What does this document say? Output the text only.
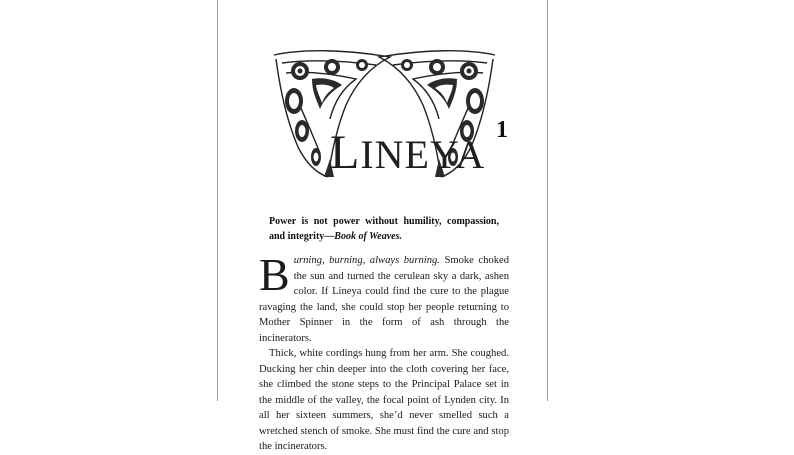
LINEYA
1
Power is not power without humility, compassion, and integrity—Book of Weaves.

Burning, burning, always burning. Smoke choked the sun and turned the cerulean sky a dark, ashen color. If Lineya could find the cure to the plague ravaging the land, she could stop her people returning to Mother Spinner in the form of ash through the incinerators.

Thick, white cordings hung from her arm. She coughed. Ducking her chin deeper into the cloth covering her face, she climbed the stone steps to the Principal Palace set in the middle of the valley, the focal point of Lynden city. In all her sixteen summers, she’d never smelled such a wretched stench of smoke. She must find the cure and stop the incinerators.
